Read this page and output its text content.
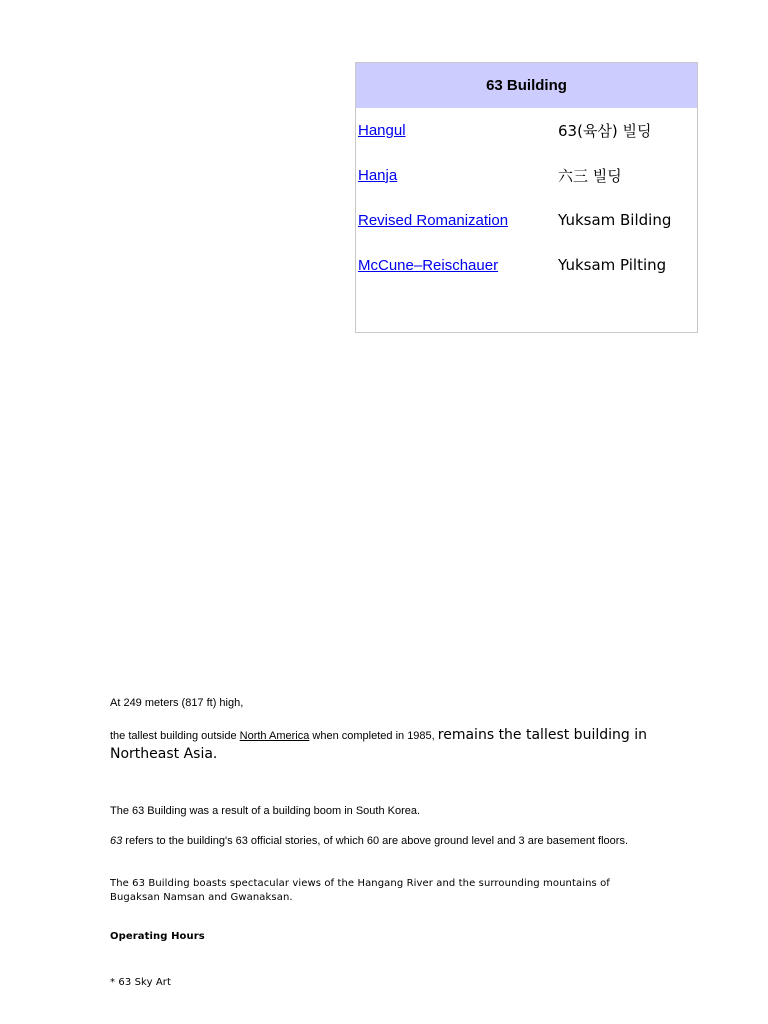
63 Building
Hangul	63(육삼) 빌딩
Hanja	六三 빌딩
Revised Romanization	Yuksam Bilding
McCune–Reischauer	Yuksam Pilting
At 249 meters (817 ft) high,
the tallest building outside North America when completed in 1985, remains the tallest building in Northeast Asia.
The 63 Building was a result of a building boom in South Korea.
63 refers to the building's 63 official stories, of which 60 are above ground level and 3 are basement floors.
The 63 Building boasts spectacular views of the Hangang River and the surrounding mountains of Bugaksan Namsan and Gwanaksan.
Operating Hours
* 63 Sky Art
